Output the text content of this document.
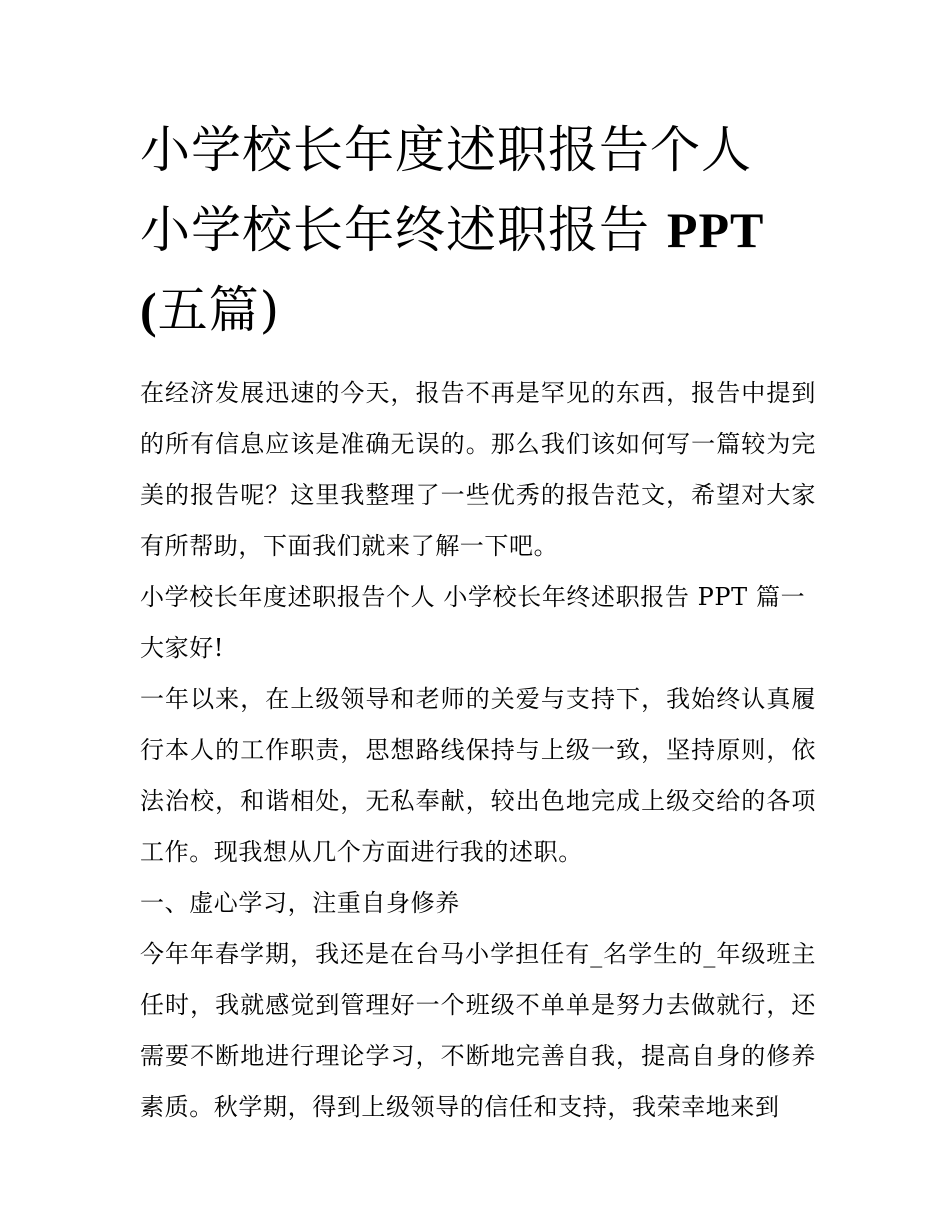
小学校长年度述职报告个人 小学校长年终述职报告 PPT(五篇)

在经济发展迅速的今天，报告不再是罕见的东西，报告中提到的所有信息应该是准确无误的。那么我们该如何写一篇较为完美的报告呢？这里我整理了一些优秀的报告范文，希望对大家有所帮助，下面我们就来了解一下吧。

小学校长年度述职报告个人 小学校长年终述职报告 PPT 篇一

大家好!

一年以来，在上级领导和老师的关爱与支持下，我始终认真履行本人的工作职责，思想路线保持与上级一致，坚持原则，依法治校，和谐相处，无私奉献，较出色地完成上级交给的各项工作。现我想从几个方面进行我的述职。

一、虚心学习，注重自身修养

今年年春学期，我还是在台马小学担任有_名学生的_年级班主任时，我就感觉到管理好一个班级不单单是努力去做就行，还需要不断地进行理论学习，不断地完善自我，提高自身的修养素质。秋学期，得到上级领导的信任和支持，我荣幸地来到
